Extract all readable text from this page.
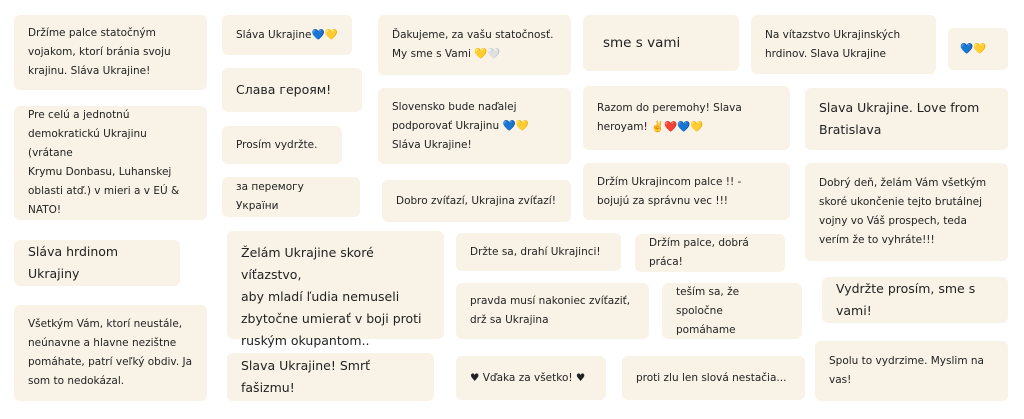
Držíme palce statočným
vojakom, ktorí bránia svoju
krajinu. Sláva Ukrajine!
Pre celú a jednotnú
demokratickú Ukrajinu (vrátane
Krymu Donbasu, Luhanskej
oblasti atď.) v mieri a v EÚ &
NATO!
Sláva hrdinom Ukrajiny
Všetkým Vám, ktorí neustále,
neúnavne a hlavne nezištne
pomáhate, patrí veľký obdiv. Ja
som to nedokázal.
Sláva Ukrajine💙💛
Слава героям!
Prosím vydržte.
за перемогу України
Želám Ukrajine skoré víťazstvo,
aby mladí ľudia nemuseli
zbytočne umierať v boji proti
ruským okupantom..
Slava Ukrajine! Smrť fašizmu!
Ďakujeme, za vašu statočnosť.
My sme s Vami 💛🤍
Slovensko bude naďalej
podporovať Ukrajinu 💙💛
Sláva Ukrajine!
Dobro zvíťazí, Ukrajina zvíťazí!
Držte sa, drahí Ukrajinci!
pravda musí nakoniec zvíťaziť,
drž sa Ukrajina
♥ Vďaka za všetko! ♥
sme s vami
Razom do peremohy! Slava
heroyam! ✌️❤️💙💛
Držím Ukrajincom palce !! -
bojujú za správnu vec !!!
Držím palce, dobrá práca!
teším sa, že spoločne
pomáhame
proti zlu len slová nestačia...
Na vítazstvo Ukrajinských
hrdinov. Slava Ukrajine	💙💛
Slava Ukrajine. Love from
Bratislava
Dobrý deň, želám Vám všetkým
skoré ukončenie tejto brutálnej
vojny vo Váš prospech, teda
verím že to vyhráte!!!
Vydržte prosím, sme s vami!
Spolu to vydrzime. Myslim na
vas!
